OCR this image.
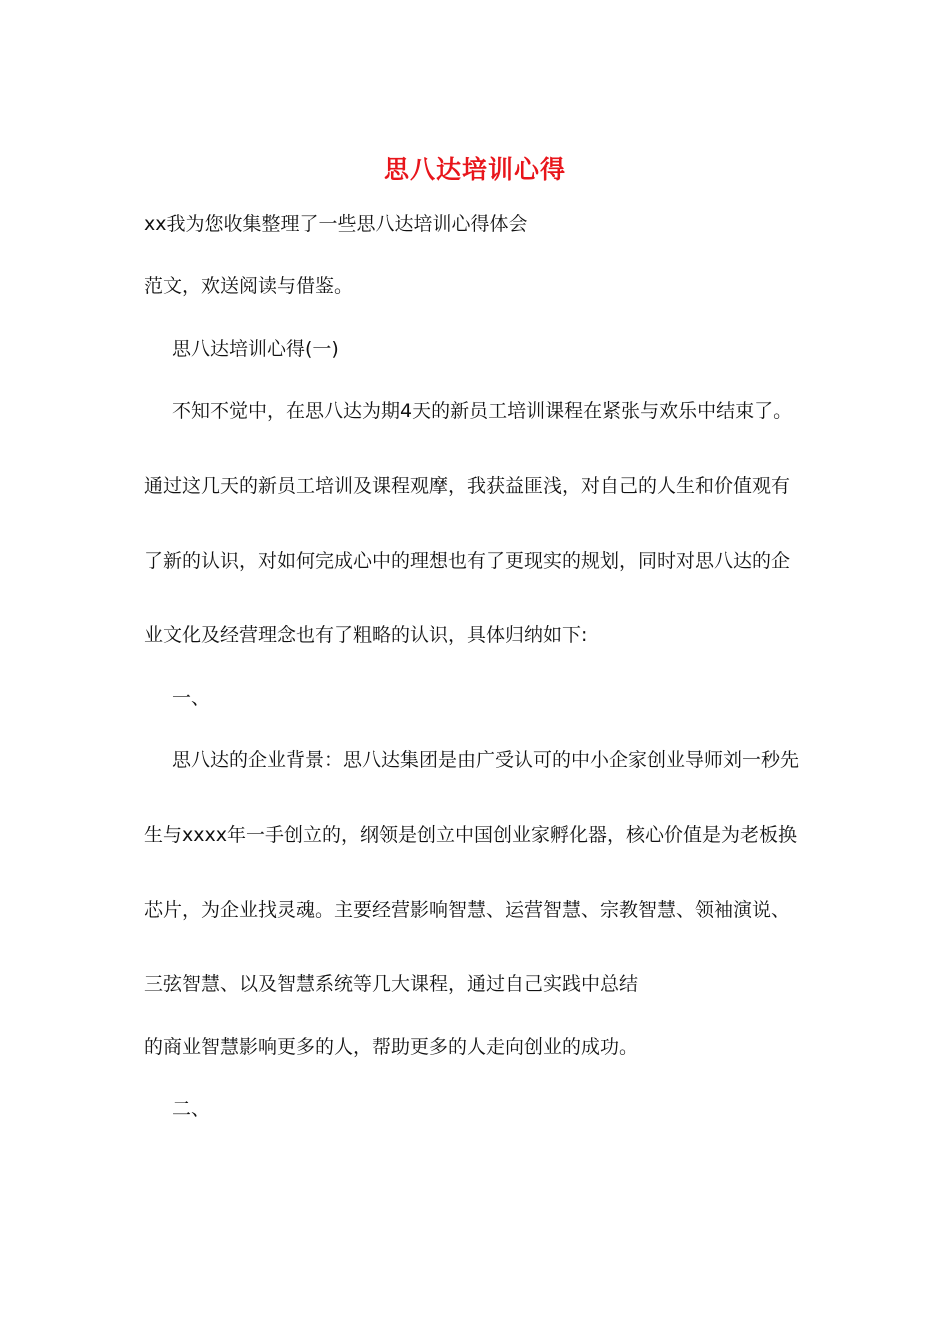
思八达培训心得
xx我为您收集整理了一些思八达培训心得体会
范文，欢送阅读与借鉴。
思八达培训心得(一)
不知不觉中，在思八达为期4天的新员工培训课程在紧张与欢乐中结束了。
通过这几天的新员工培训及课程观摩，我获益匪浅，对自己的人生和价值观有
了新的认识，对如何完成心中的理想也有了更现实的规划，同时对思八达的企
业文化及经营理念也有了粗略的认识，具体归纳如下:
一、
思八达的企业背景：思八达集团是由广受认可的中小企家创业导师刘一秒先
生与xxxx年一手创立的，纲领是创立中国创业家孵化器，核心价值是为老板换
芯片，为企业找灵魂。主要经营影响智慧、运营智慧、宗教智慧、领袖演说、
三弦智慧、以及智慧系统等几大课程，通过自己实践中总结
的商业智慧影响更多的人，帮助更多的人走向创业的成功。
二、
